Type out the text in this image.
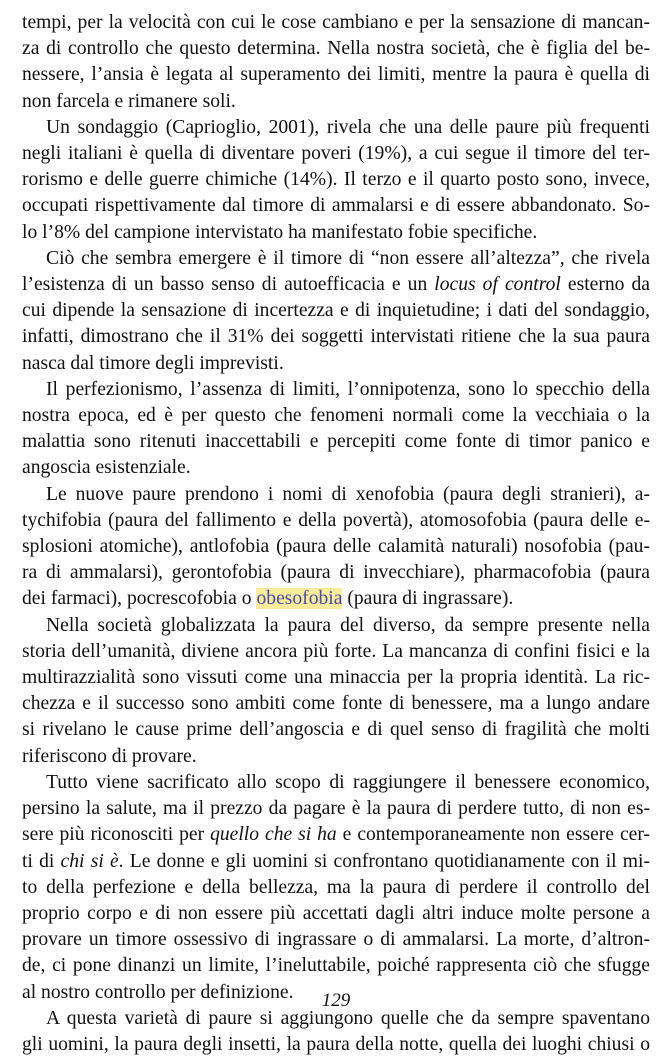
tempi, per la velocità con cui le cose cambiano e per la sensazione di mancan-
za di controllo che questo determina. Nella nostra società, che è figlia del be-
nessere, l’ansia è legata al superamento dei limiti, mentre la paura è quella di
non farcela e rimanere soli.
Un sondaggio (Caprioglio, 2001), rivela che una delle paure più frequenti
negli italiani è quella di diventare poveri (19%), a cui segue il timore del ter-
rorismo e delle guerre chimiche (14%). Il terzo e il quarto posto sono, invece,
occupati rispettivamente dal timore di ammalarsi e di essere abbandonato. So-
lo l’8% del campione intervistato ha manifestato fobie specifiche.
Ciò che sembra emergere è il timore di “non essere all’altezza”, che rivela
l’esistenza di un basso senso di autoefficacia e un locus of control esterno da
cui dipende la sensazione di incertezza e di inquietudine; i dati del sondaggio,
infatti, dimostrano che il 31% dei soggetti intervistati ritiene che la sua paura
nasca dal timore degli imprevisti.
Il perfezionismo, l’assenza di limiti, l’onnipotenza, sono lo specchio della
nostra epoca, ed è per questo che fenomeni normali come la vecchiaia o la
malattia sono ritenuti inaccettabili e percepiti come fonte di timor panico e
angoscia esistenziale.
Le nuove paure prendono i nomi di xenofobia (paura degli stranieri), a-
tychifobia (paura del fallimento e della povertà), atomosofobia (paura delle e-
splosioni atomiche), antlofobia (paura delle calamità naturali) nosofobia (pau-
ra di ammalarsi), gerontofobia (paura di invecchiare), pharmacofobia (paura
dei farmaci), pocrescofobia o obesofobia (paura di ingrassare).
Nella società globalizzata la paura del diverso, da sempre presente nella
storia dell’umanità, diviene ancora più forte. La mancanza di confini fisici e la
multirazzialità sono vissuti come una minaccia per la propria identità. La ric-
chezza e il successo sono ambiti come fonte di benessere, ma a lungo andare
si rivelano le cause prime dell’angoscia e di quel senso di fragilità che molti
riferiscono di provare.
Tutto viene sacrificato allo scopo di raggiungere il benessere economico,
persino la salute, ma il prezzo da pagare è la paura di perdere tutto, di non es-
sere più riconosciti per quello che si ha e contemporaneamente non essere cer-
ti di chi si è. Le donne e gli uomini si confrontano quotidianamente con il mi-
to della perfezione e della bellezza, ma la paura di perdere il controllo del
proprio corpo e di non essere più accettati dagli altri induce molte persone a
provare un timore ossessivo di ingrassare o di ammalarsi. La morte, d’altron-
de, ci pone dinanzi un limite, l’ineluttabile, poiché rappresenta ciò che sfugge
al nostro controllo per definizione.
A questa varietà di paure si aggiungono quelle che da sempre spaventano
gli uomini, la paura degli insetti, la paura della notte, quella dei luoghi chiusi o
129
